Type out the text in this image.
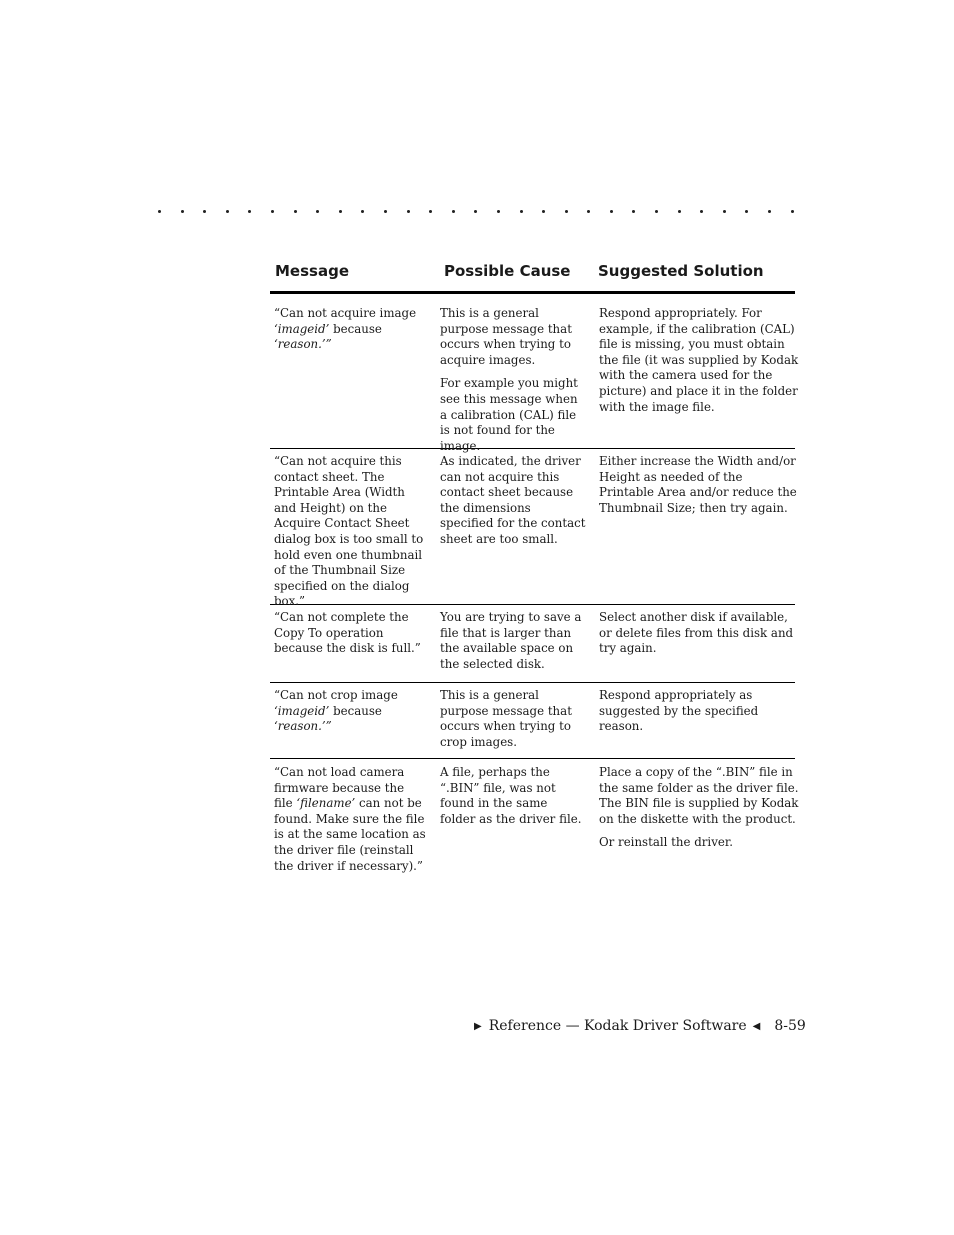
Message	Possible Cause Suggested Solution
“Can not acquire image ‘imageid’ because ‘reason.’”

This is a general purpose message that occurs when trying to acquire images.

For example you might see this message when a calibration (CAL) file is not found for the image.

Respond appropriately. For example, if the calibration (CAL) file is missing, you must obtain the file (it was supplied by Kodak with the camera used for the picture) and place it in the folder with the image file.

“Can not acquire this contact sheet. The Printable Area (Width and Height) on the Acquire Contact Sheet dialog box is too small to hold even one thumbnail of the Thumbnail Size specified on the dialog box.”

As indicated, the driver can not acquire this contact sheet because the dimensions specified for the contact sheet are too small.

Either increase the Width and/or Height as needed of the Printable Area and/or reduce the Thumbnail Size; then try again.

“Can not complete the Copy To operation because the disk is full.”

You are trying to save a file that is larger than the available space on the selected disk.

Select another disk if available, or delete files from this disk and try again.

“Can not crop image ‘imageid’ because ‘reason.’”

This is a general purpose message that occurs when trying to crop images.

Respond appropriately as suggested by the specified reason.

“Can not load camera firmware because the file ‘filename’ can not be found. Make sure the file is at the same location as the driver file (reinstall the driver if necessary).”

A file, perhaps the “.BIN” file, was not found in the same folder as the driver file.

Place a copy of the “.BIN” file in the same folder as the driver file. The BIN file is supplied by Kodak on the diskette with the product.

Or reinstall the driver.

▶ Reference — Kodak Driver Software ◀ 8-59
